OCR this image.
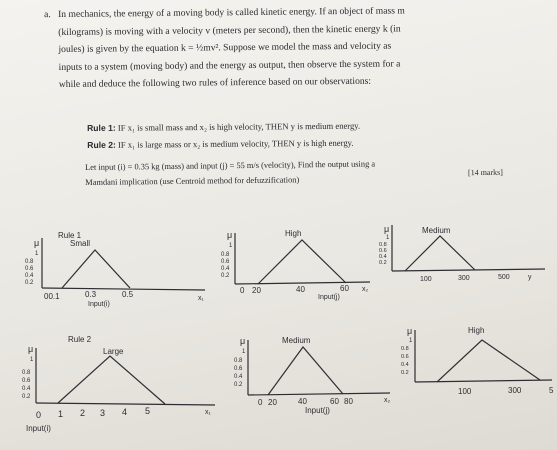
a. In mechanics, the energy of a moving body is called kinetic energy. If an object of mass m
(kilograms) is moving with a velocity v (meters per second), then the kinetic energy k (in
joules) is given by the equation k = ½mv². Suppose we model the mass and velocity as
inputs to a system (moving body) and the energy as output, then observe the system for a
while and deduce the following two rules of inference based on our observations:
Rule 1: IF x₁ is small mass and x₂ is high velocity, THEN y is medium energy.
Rule 2: IF x₁ is large mass or x₂ is medium velocity, THEN y is high energy.
Let input (i) = 0.35 kg (mass) and input (j) = 55 m/s (velocity), Find the output using a
Mamdani implication (use Centroid method for defuzzification)
[14 marks]
Rule 1
Small
μ
1
0.8
0.6
0.4
0.2
00.1	0.3	0.5
Input(i)
x₁
High
μ
1
0.8
0.6
0.4
0.2
0 20	40	60
Input(j)
x₂
Medium
μ
1
0.8
0.6
0.4
0.2
100	300	500	y
Rule 2
Large
μ
1
0.8
0.6
0.4
0.2
0 1 2 3 4 5
Input(i)
x₁
Medium
μ
1
0.8
0.6
0.4
0.2
0 20	40	60 80
Input(j)
x₂
High
μ
1
0.8
0.6
0.4
0.2
100	300	5
